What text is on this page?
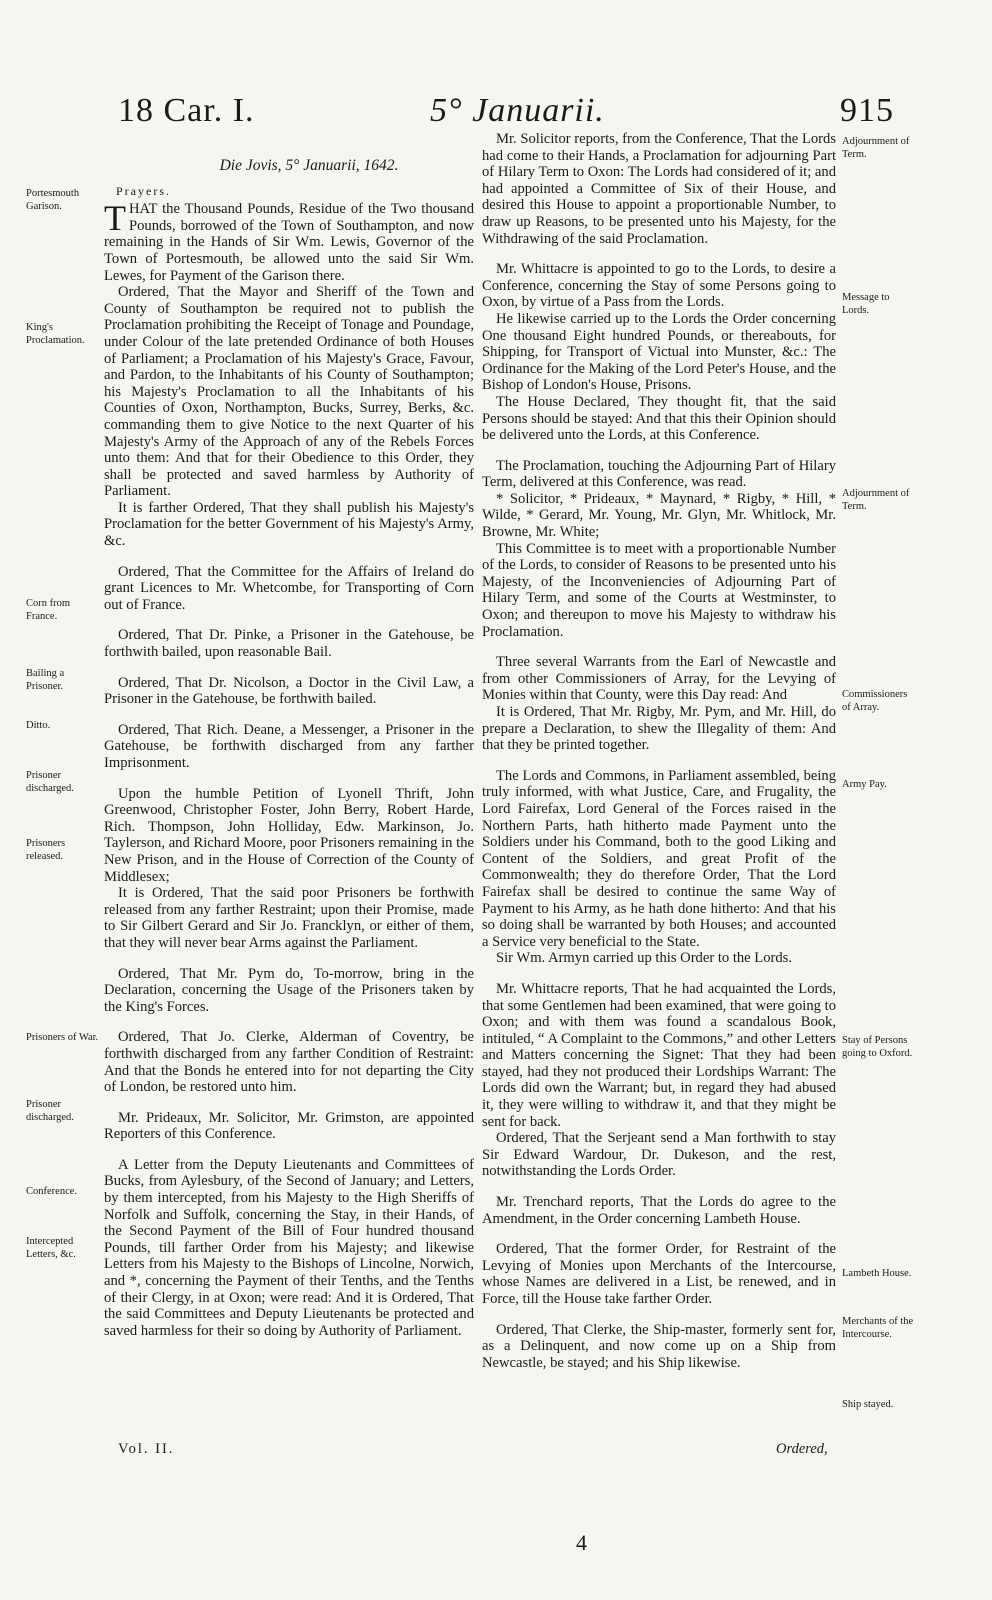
18 Car. I.	5° Januarii.	915
Die Jovis, 5° Januarii, 1642.
Prayers.

THAT the Thousand Pounds, Residue of the Two thousand Pounds, borrowed of the Town of Southampton, and now remaining in the Hands of Sir Wm. Lewis, Governor of the Town of Portesmouth, be allowed unto the said Sir Wm. Lewes, for Payment of the Garison there.

Ordered, That the Mayor and Sheriff of the Town and County of Southampton be required not to publish the Proclamation prohibiting the Receipt of Tonage and Poundage, under Colour of the late pretended Ordinance of both Houses of Parliament; a Proclamation of his Majesty's Grace, Favour, and Pardon, to the Inhabitants of his County of Southampton; his Majesty's Proclamation to all the Inhabitants of his Counties of Oxon, Northampton, Bucks, Surrey, Berks, &c. commanding them to give Notice to the next Quarter of his Majesty's Army of the Approach of any of the Rebels Forces unto them: And that for their Obedience to this Order, they shall be protected and saved harmless by Authority of Parliament.

It is farther Ordered, That they shall publish his Majesty's Proclamation for the better Government of his Majesty's Army, &c.

Ordered, That the Committee for the Affairs of Ireland do grant Licences to Mr. Whetcombe, for Transporting of Corn out of France.

Ordered, That Dr. Pinke, a Prisoner in the Gatehouse, be forthwith bailed, upon reasonable Bail.

Ordered, That Dr. Nicolson, a Doctor in the Civil Law, a Prisoner in the Gatehouse, be forthwith bailed.

Ordered, That Rich. Deane, a Messenger, a Prisoner in the Gatehouse, be forthwith discharged from any farther Imprisonment.

Upon the humble Petition of Lyonell Thrift, John Greenwood, Christopher Foster, John Berry, Robert Harde, Rich. Thompson, John Holliday, Edw. Markinson, Jo. Taylerson, and Richard Moore, poor Prisoners remaining in the New Prison, and in the House of Correction of the County of Middlesex;

It is Ordered, That the said poor Prisoners be forthwith released from any farther Restraint; upon their Promise, made to Sir Gilbert Gerard and Sir Jo. Francklyn, or either of them, that they will never bear Arms against the Parliament.

Ordered, That Mr. Pym do, To-morrow, bring in the Declaration, concerning the Usage of the Prisoners taken by the King's Forces.

Ordered, That Jo. Clerke, Alderman of Coventry, be forthwith discharged from any farther Condition of Restraint: And that the Bonds he entered into for not departing the City of London, be restored unto him.

Mr. Prideaux, Mr. Solicitor, Mr. Grimston, are appointed Reporters of this Conference.

A Letter from the Deputy Lieutenants and Committees of Bucks, from Aylesbury, of the Second of January; and Letters, by them intercepted, from his Majesty to the High Sheriffs of Norfolk and Suffolk, concerning the Stay, in their Hands, of the Second Payment of the Bill of Four hundred thousand Pounds, till farther Order from his Majesty; and likewise Letters from his Majesty to the Bishops of Lincolne, Norwich, and *, concerning the Payment of their Tenths, and the Tenths of their Clergy, in at Oxon; were read: And it is Ordered, That the said Committees and Deputy Lieutenants be protected and saved harmless for their so doing by Authority of Parliament.

Portesmouth Garison.
King's Proclamation.
Corn from France.
Bailing a Prisoner.
Ditto.
Prisoner discharged.
Prisoners released.
Prisoners of War.
Prisoner discharged.
Conference.
Intercepted Letters, &c.

Mr. Solicitor reports, from the Conference, That the Lords had come to their Hands, a Proclamation for adjourning Part of Hilary Term to Oxon: The Lords had considered of it; and had appointed a Committee of Six of their House, and desired this House to appoint a proportionable Number, to draw up Reasons, to be presented unto his Majesty, for the Withdrawing of the said Proclamation.

Mr. Whittacre is appointed to go to the Lords, to desire a Conference, concerning the Stay of some Persons going to Oxon, by virtue of a Pass from the Lords.

He likewise carried up to the Lords the Order concerning One thousand Eight hundred Pounds, or thereabouts, for Shipping, for Transport of Victual into Munster, &c.: The Ordinance for the Making of the Lord Peter's House, and the Bishop of London's House, Prisons.

The House Declared, They thought fit, that the said Persons should be stayed: And that this their Opinion should be delivered unto the Lords, at this Conference.

The Proclamation, touching the Adjourning Part of Hilary Term, delivered at this Conference, was read.

* Solicitor, * Prideaux, * Maynard, * Rigby, * Hill, * Wilde, * Gerard, Mr. Young, Mr. Glyn, Mr. Whitlock, Mr. Browne, Mr. White;

This Committee is to meet with a proportionable Number of the Lords, to consider of Reasons to be presented unto his Majesty, of the Inconveniencies of Adjourning Part of Hilary Term, and some of the Courts at Westminster, to Oxon; and thereupon to move his Majesty to withdraw his Proclamation.

Three several Warrants from the Earl of Newcastle and from other Commissioners of Array, for the Levying of Monies within that County, were this Day read: And

It is Ordered, That Mr. Rigby, Mr. Pym, and Mr. Hill, do prepare a Declaration, to shew the Illegality of them: And that they be printed together.

The Lords and Commons, in Parliament assembled, being truly informed, with what Justice, Care, and Frugality, the Lord Fairefax, Lord General of the Forces raised in the Northern Parts, hath hitherto made Payment unto the Soldiers under his Command, both to the good Liking and Content of the Soldiers, and great Profit of the Commonwealth; they do therefore Order, That the Lord Fairefax shall be desired to continue the same Way of Payment to his Army, as he hath done hitherto: And that his so doing shall be warranted by both Houses; and accounted a Service very beneficial to the State.

Sir Wm. Armyn carried up this Order to the Lords.

Mr. Whittacre reports, That he had acquainted the Lords, that some Gentlemen had been examined, that were going to Oxon; and with them was found a scandalous Book, intituled, “ A Complaint to the Commons,” and other Letters and Matters concerning the Signet: That they had been stayed, had they not produced their Lordships Warrant: The Lords did own the Warrant; but, in regard they had abused it, they were willing to withdraw it, and that they might be sent for back.

Ordered, That the Serjeant send a Man forthwith to stay Sir Edward Wardour, Dr. Dukeson, and the rest, notwithstanding the Lords Order.

Mr. Trenchard reports, That the Lords do agree to the Amendment, in the Order concerning Lambeth House.

Ordered, That the former Order, for Restraint of the Levying of Monies upon Merchants of the Intercourse, whose Names are delivered in a List, be renewed, and in Force, till the House take farther Order.

Ordered, That Clerke, the Ship-master, formerly sent for, as a Delinquent, and now come up on a Ship from Newcastle, be stayed; and his Ship likewise.

Adjournment of Term.
Message to Lords.
Adjournment of Term.
Commissioners of Array.
Army Pay.
Stay of Persons going to Oxford.
Lambeth House.
Merchants of the Intercourse.
Ship stayed.
Vol. II.	Ordered,
4
